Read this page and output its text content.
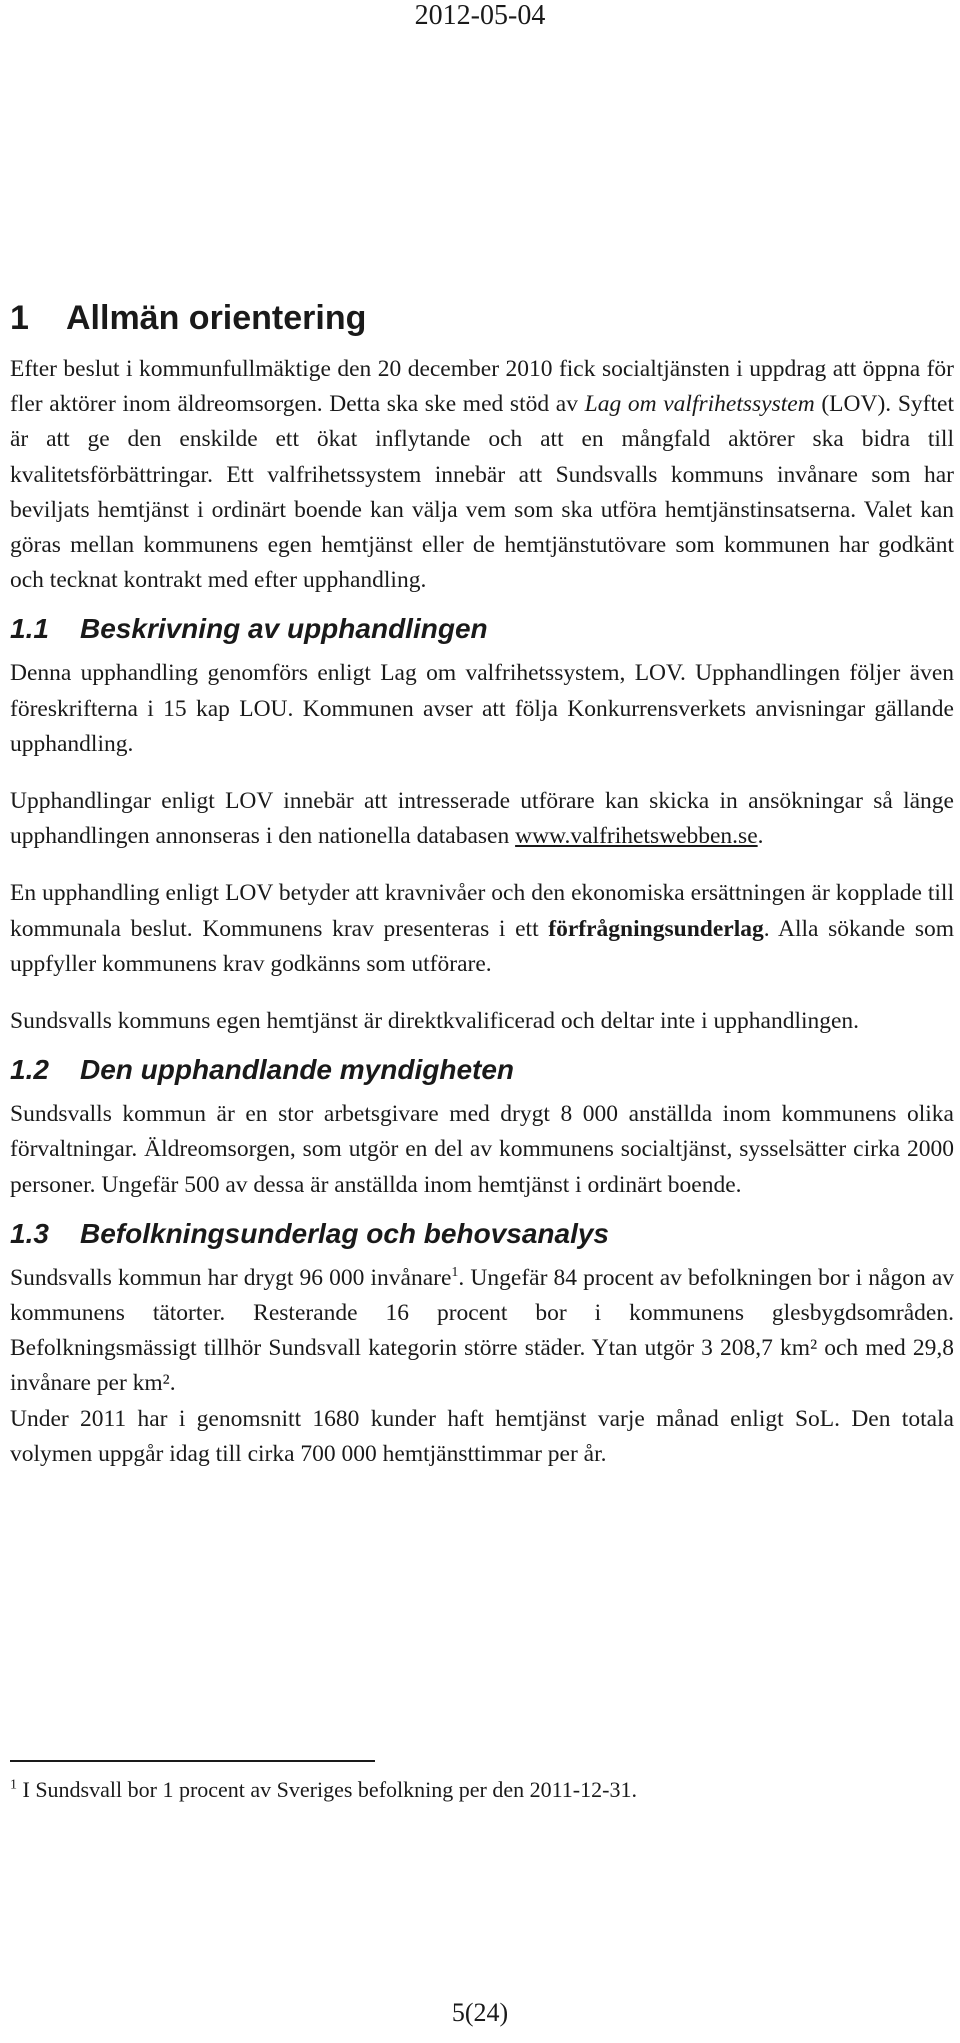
2012-05-04
1 Allmän orientering

Efter beslut i kommunfullmäktige den 20 december 2010 fick socialtjänsten i uppdrag att öppna för fler aktörer inom äldreomsorgen. Detta ska ske med stöd av Lag om valfrihetssystem (LOV). Syftet är att ge den enskilde ett ökat inflytande och att en mångfald aktörer ska bidra till kvalitetsförbättringar. Ett valfrihetssystem innebär att Sundsvalls kommuns invånare som har beviljats hemtjänst i ordinärt boende kan välja vem som ska utföra hemtjänstinsatserna. Valet kan göras mellan kommunens egen hemtjänst eller de hemtjänstutövare som kommunen har godkänt och tecknat kontrakt med efter upphandling.

1.1 Beskrivning av upphandlingen

Denna upphandling genomförs enligt Lag om valfrihetssystem, LOV. Upphandlingen följer även föreskrifterna i 15 kap LOU. Kommunen avser att följa Konkurrensverkets anvisningar gällande upphandling.

Upphandlingar enligt LOV innebär att intresserade utförare kan skicka in ansökningar så länge upphandlingen annonseras i den nationella databasen www.valfrihetswebben.se.

En upphandling enligt LOV betyder att kravnivåer och den ekonomiska ersättningen är kopplade till kommunala beslut. Kommunens krav presenteras i ett förfrågningsunderlag. Alla sökande som uppfyller kommunens krav godkänns som utförare.

Sundsvalls kommuns egen hemtjänst är direktkvalificerad och deltar inte i upphandlingen.

1.2 Den upphandlande myndigheten

Sundsvalls kommun är en stor arbetsgivare med drygt 8 000 anställda inom kommunens olika förvaltningar. Äldreomsorgen, som utgör en del av kommunens socialtjänst, sysselsätter cirka 2000 personer. Ungefär 500 av dessa är anställda inom hemtjänst i ordinärt boende.

1.3 Befolkningsunderlag och behovsanalys

Sundsvalls kommun har drygt 96 000 invånare$^1$. Ungefär 84 procent av befolkningen bor i någon av kommunens tätorter. Resterande 16 procent bor i kommunens glesbygdsområden. Befolkningsmässigt tillhör Sundsvall kategorin större städer. Ytan utgör 3 208,7 km² och med 29,8 invånare per km².

Under 2011 har i genomsnitt 1680 kunder haft hemtjänst varje månad enligt SoL. Den totala volymen uppgår idag till cirka 700 000 hemtjänsttimmar per år.

$^1$ I Sundsvall bor 1 procent av Sveriges befolkning per den 2011-12-31.
5(24)
